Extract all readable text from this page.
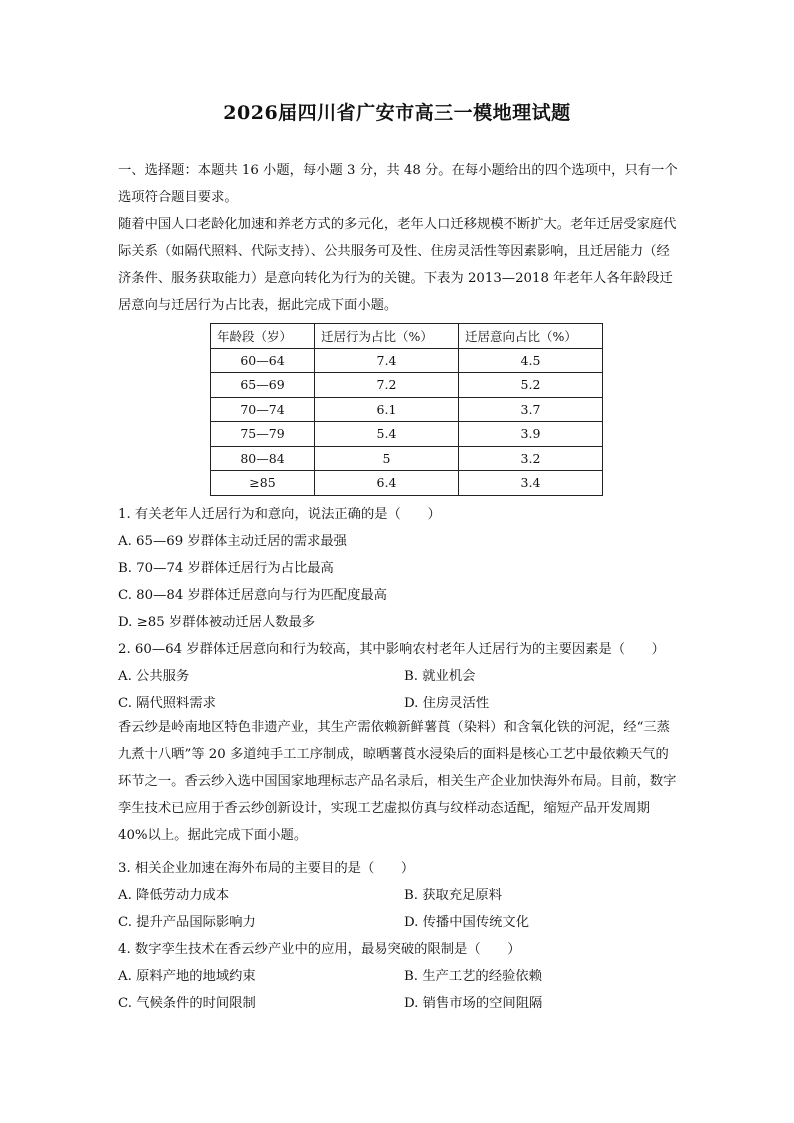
2026届四川省广安市高三一模地理试题
一、选择题：本题共 16 小题，每小题 3 分，共 48 分。在每小题给出的四个选项中，只有一个选项符合题目要求。
随着中国人口老龄化加速和养老方式的多元化，老年人口迁移规模不断扩大。老年迁居受家庭代际关系（如隔代照料、代际支持）、公共服务可及性、住房灵活性等因素影响，且迁居能力（经济条件、服务获取能力）是意向转化为行为的关键。下表为 2013—2018 年老年人各年龄段迁居意向与迁居行为占比表，据此完成下面小题。
年龄段（岁）	迁居行为占比（%）	迁居意向占比（%）
60—64	7.4	4.5
65—69	7.2	5.2
70—74	6.1	3.7
75—79	5.4	3.9
80—84	5	3.2
≥85	6.4	3.4
1. 有关老年人迁居行为和意向，说法正确的是（　　）
A. 65—69 岁群体主动迁居的需求最强
B. 70—74 岁群体迁居行为占比最高
C. 80—84 岁群体迁居意向与行为匹配度最高
D. ≥85 岁群体被动迁居人数最多
2. 60—64 岁群体迁居意向和行为较高，其中影响农村老年人迁居行为的主要因素是（　　）
A. 公共服务	B. 就业机会
C. 隔代照料需求	D. 住房灵活性
香云纱是岭南地区特色非遗产业，其生产需依赖新鲜薯莨（染料）和含氧化铁的河泥，经“三蒸九煮十八晒”等 20 多道纯手工工序制成，晾晒薯莨水浸染后的面料是核心工艺中最依赖天气的环节之一。香云纱入选中国国家地理标志产品名录后，相关生产企业加快海外布局。目前，数字孪生技术已应用于香云纱创新设计，实现工艺虚拟仿真与纹样动态适配，缩短产品开发周期 40%以上。据此完成下面小题。
3. 相关企业加速在海外布局的主要目的是（　　）
A. 降低劳动力成本	B. 获取充足原料
C. 提升产品国际影响力	D. 传播中国传统文化
4. 数字孪生技术在香云纱产业中的应用，最易突破的限制是（　　）
A. 原料产地的地域约束	B. 生产工艺的经验依赖
C. 气候条件的时间限制	D. 销售市场的空间阻隔
